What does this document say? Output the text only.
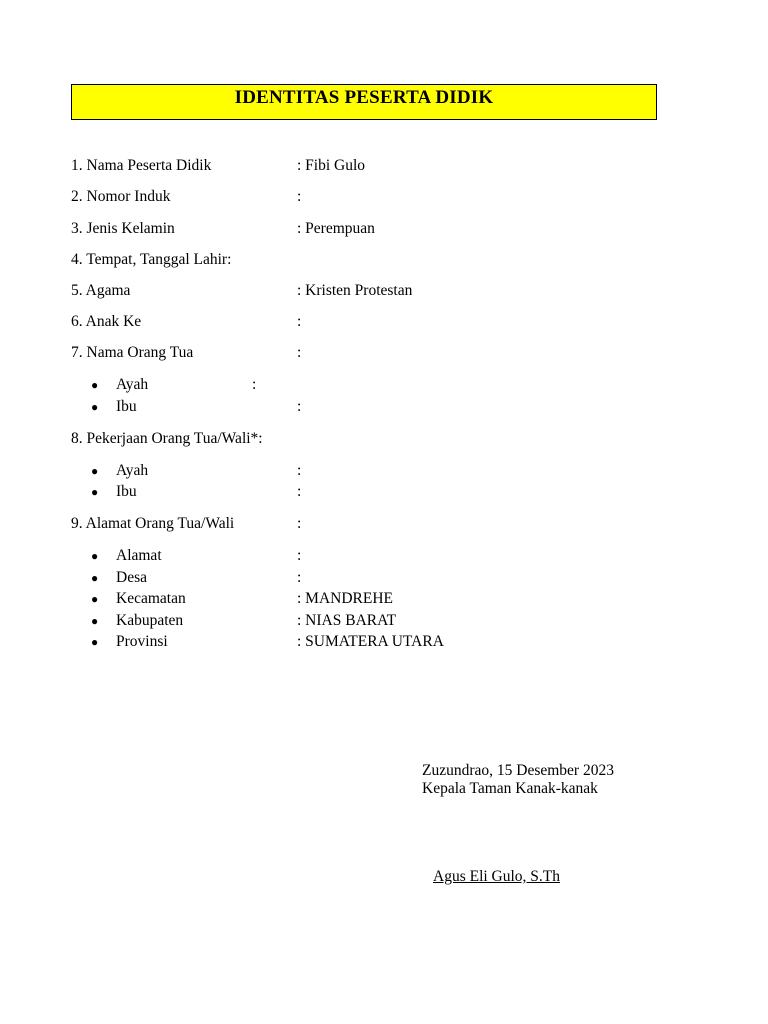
IDENTITAS PESERTA DIDIK
1. Nama Peserta Didik	: Fibi Gulo
2. Nomor Induk	:
3. Jenis Kelamin	: Perempuan
4. Tempat, Tanggal Lahir:
5. Agama	: Kristen Protestan
6. Anak Ke	:
7. Nama Orang Tua	:
● Ayah	:
● Ibu	:
8. Pekerjaan Orang Tua/Wali*:
● Ayah	:
● Ibu	:
9. Alamat Orang Tua/Wali	:
● Alamat	:
● Desa	:
● Kecamatan	: MANDREHE
● Kabupaten	: NIAS BARAT
● Provinsi	: SUMATERA UTARA
Zuzundrao, 15 Desember 2023
Kepala Taman Kanak-kanak
Agus Eli Gulo, S.Th
